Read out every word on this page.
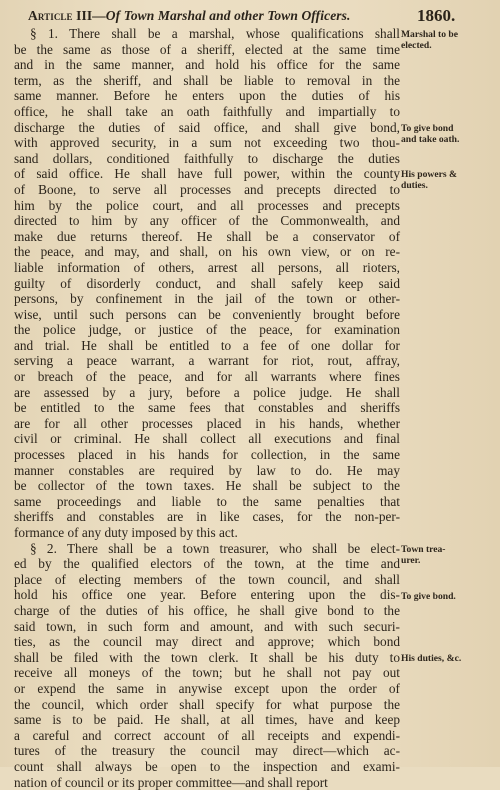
Article III—Of Town Marshal and other Town Officers.	1860.
§ 1. There shall be a marshal, whose qualifications shall
be the same as those of a sheriff, elected at the same time
and in the same manner, and hold his office for the same
term, as the sheriff, and shall be liable to removal in the
same manner. Before he enters upon the duties of his
office, he shall take an oath faithfully and impartially to
discharge the duties of said office, and shall give bond,
with approved security, in a sum not exceeding two thou-
sand dollars, conditioned faithfully to discharge the duties
of said office. He shall have full power, within the county
of Boone, to serve all processes and precepts directed to
him by the police court, and all processes and precepts
directed to him by any officer of the Commonwealth, and
make due returns thereof. He shall be a conservator of
the peace, and may, and shall, on his own view, or on re-
liable information of others, arrest all persons, all rioters,
guilty of disorderly conduct, and shall safely keep said
persons, by confinement in the jail of the town or other-
wise, until such persons can be conveniently brought before
the police judge, or justice of the peace, for examination
and trial. He shall be entitled to a fee of one dollar for
serving a peace warrant, a warrant for riot, rout, affray,
or breach of the peace, and for all warrants where fines
are assessed by a jury, before a police judge. He shall
be entitled to the same fees that constables and sheriffs
are for all other processes placed in his hands, whether
civil or criminal. He shall collect all executions and final
processes placed in his hands for collection, in the same
manner constables are required by law to do. He may
be collector of the town taxes. He shall be subject to the
same proceedings and liable to the same penalties that
sheriffs and constables are in like cases, for the non-per-
formance of any duty imposed by this act.
§ 2. There shall be a town treasurer, who shall be elect-
ed by the qualified electors of the town, at the time and
place of electing members of the town council, and shall
hold his office one year. Before entering upon the dis-
charge of the duties of his office, he shall give bond to the
said town, in such form and amount, and with such securi-
ties, as the council may direct and approve; which bond
shall be filed with the town clerk. It shall be his duty to
receive all moneys of the town; but he shall not pay out
or expend the same in anywise except upon the order of
the council, which order shall specify for what purpose the
same is to be paid. He shall, at all times, have and keep
a careful and correct account of all receipts and expendi-
tures of the treasury the council may direct—which ac-
count shall always be open to the inspection and exami-
nation of council or its proper committee—and shall report
Marshal to be
elected.
To give bond
and take oath.
His powers &
duties.
Town trea-
urer.
To give bond.
His duties, &c.
